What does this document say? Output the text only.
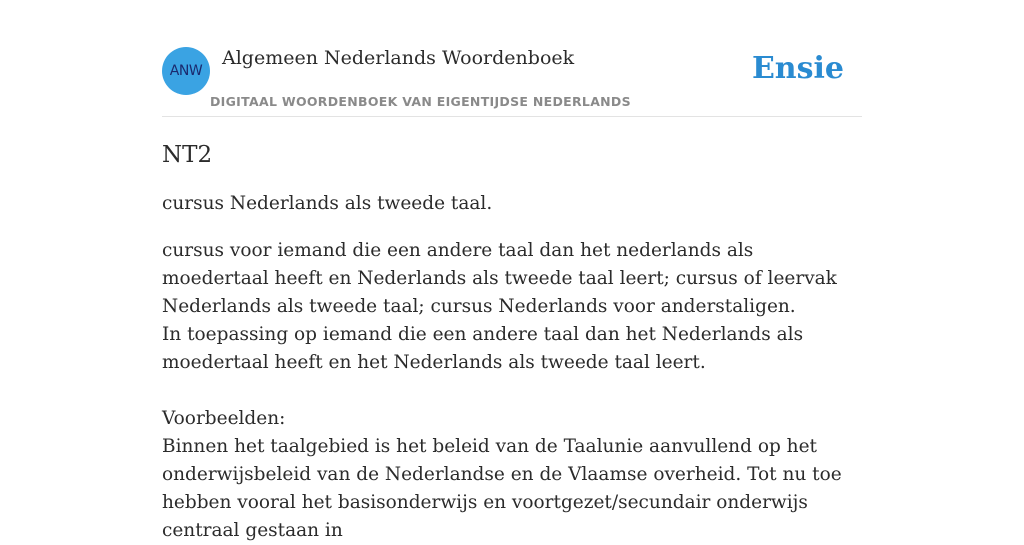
ANW
Algemeen Nederlands Woordenboek
DIGITAAL WOORDENBOEK VAN EIGENTIJDSE NEDERLANDS
Ensie
NT2

cursus Nederlands als tweede taal.

cursus voor iemand die een andere taal dan het nederlands als moedertaal heeft en Nederlands als tweede taal leert; cursus of leervak Nederlands als tweede taal; cursus Nederlands voor anderstaligen.

In toepassing op iemand die een andere taal dan het Nederlands als moedertaal heeft en het Nederlands als tweede taal leert.

Voorbeelden:

Binnen het taalgebied is het beleid van de Taalunie aanvullend op het onderwijsbeleid van de Nederlandse en de Vlaamse overheid. Tot nu toe hebben vooral het basisonderwijs en voortgezet/secundair onderwijs centraal gestaan in
